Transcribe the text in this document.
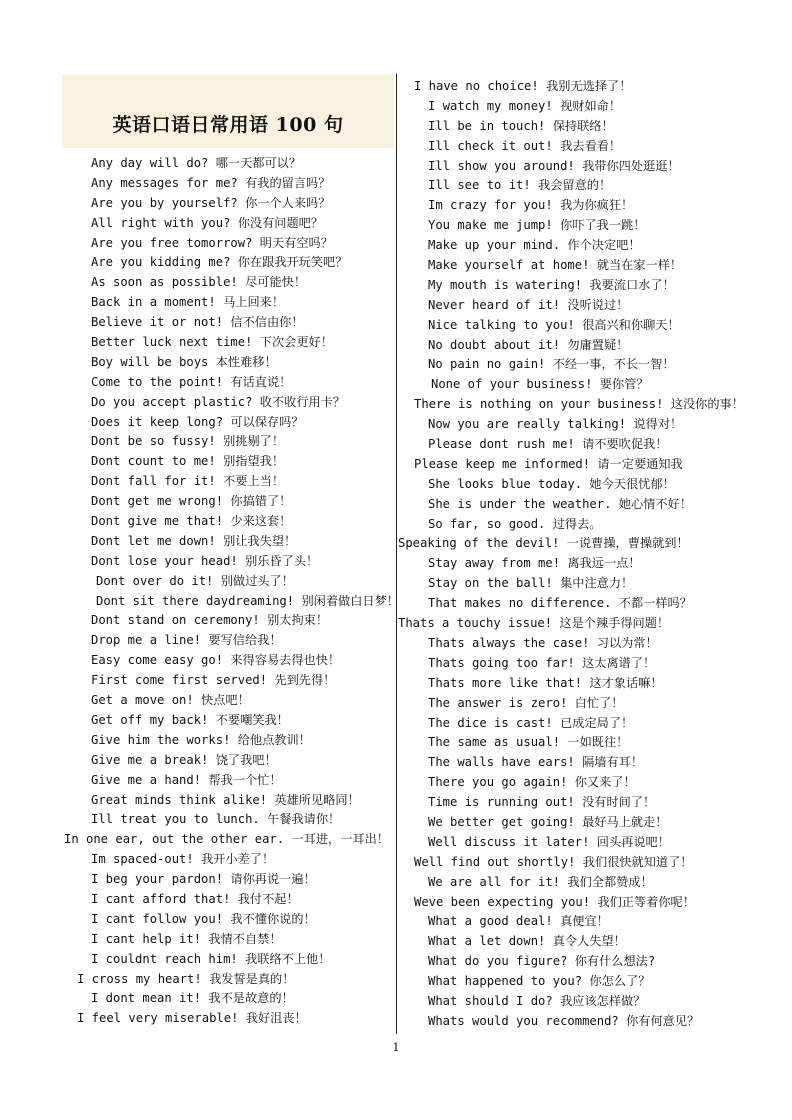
英语口语日常用语 100 句
Any day will do? 哪一天都可以？
Any messages for me? 有我的留言吗？
Are you by yourself? 你一个人来吗？
All right with you? 你没有问题吧？
Are you free tomorrow? 明天有空吗？
Are you kidding me? 你在跟我开玩笑吧？
As soon as possible! 尽可能快！
Back in a moment! 马上回来！
Believe it or not! 信不信由你！
Better luck next time! 下次会更好！
Boy will be boys 本性难移！
Come to the point! 有话直说！
Do you accept plastic? 收不收行用卡？
Does it keep long? 可以保存吗？
Dont be so fussy! 别挑剔了！
Dont count to me! 别指望我！
Dont fall for it! 不要上当！
Dont get me wrong! 你搞错了！
Dont give me that! 少来这套！
Dont let me down! 别让我失望！
Dont lose your head! 别乐昏了头！
Dont over do it! 别做过头了！
Dont sit there daydreaming! 别闲着做白日梦！
Dont stand on ceremony! 别太拘束！
Drop me a line! 要写信给我！
Easy come easy go! 来得容易去得也快！
First come first served! 先到先得！
Get a move on! 快点吧！
Get off my back! 不要嘲笑我！
Give him the works! 给他点教训！
Give me a break! 饶了我吧！
Give me a hand! 帮我一个忙！
Great minds think alike! 英雄所见略同！
Ill treat you to lunch. 午餐我请你！
In one ear, out the other ear. 一耳进，一耳出！
Im spaced-out! 我开小差了！
I beg your pardon! 请你再说一遍！
I cant afford that! 我付不起！
I cant follow you! 我不懂你说的！
I cant help it! 我情不自禁！
I couldnt reach him! 我联络不上他！
I cross my heart! 我发誓是真的！
I dont mean it! 我不是故意的！
I feel very miserable! 我好沮丧！
I have no choice! 我别无选择了！
I watch my money! 视财如命！
Ill be in touch! 保持联络！
Ill check it out! 我去看看！
Ill show you around! 我带你四处逛逛！
Ill see to it! 我会留意的！
Im crazy for you! 我为你疯狂！
You make me jump! 你吓了我一跳！
Make up your mind. 作个决定吧！
Make yourself at home! 就当在家一样！
My mouth is watering! 我要流口水了！
Never heard of it! 没听说过！
Nice talking to you! 很高兴和你聊天！
No doubt about it! 勿庸置疑！
No pain no gain! 不经一事，不长一智！
None of your business! 要你管？
There is nothing on your business! 这没你的事！
Now you are really talking! 说得对！
Please dont rush me! 请不要吹促我！
Please keep me informed! 请一定要通知我
She looks blue today. 她今天很忧郁！
She is under the weather. 她心情不好！
So far, so good. 过得去。
Speaking of the devil! 一说曹操，曹操就到！
Stay away from me! 离我远一点！
Stay on the ball! 集中注意力！
That makes no difference. 不都一样吗？
Thats a touchy issue! 这是个辣手得问题！
Thats always the case! 习以为常！
Thats going too far! 这太离谱了！
Thats more like that! 这才象话嘛！
The answer is zero! 白忙了！
The dice is cast! 已成定局了！
The same as usual! 一如既往！
The walls have ears! 隔墙有耳！
There you go again! 你又来了！
Time is running out! 没有时间了！
We better get going! 最好马上就走！
Well discuss it later! 回头再说吧！
Well find out shortly! 我们很快就知道了！
We are all for it! 我们全都赞成！
Weve been expecting you! 我们正等着你呢！
What a good deal! 真便宜！
What a let down! 真令人失望！
What do you figure? 你有什么想法?
What happened to you? 你怎么了？
What should I do? 我应该怎样做？
Whats would you recommend? 你有何意见？
1
